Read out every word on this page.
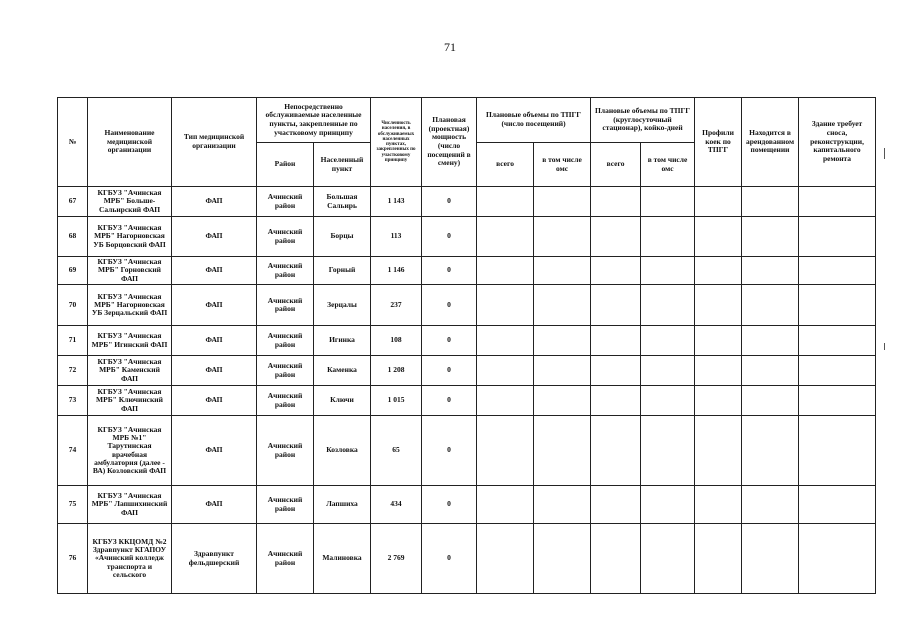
71
№	Наименование медицинской организации	Тип медицинской организации	Непосредственно обслуживаемые населенные пункты, закрепленные по участковому принципу		Численность населения, в обслуживаемых населенных пунктах, закрепленных по участковому принципу	Плановая (проектная) мощность (число посещений в смену)	Плановые объемы по ТПГГ (число посещений)		Плановые объемы по ТПГГ (круглосуточный стационар), койко-дней		Профили коек по ТПГГ	Находится в арендованном помещении	Здание требует сноса, реконструкции, капитального ремонта
			Район	Населенный пункт			всего	в том числе омс	всего	в том числе омс			
67	КГБУЗ "Ачинская МРБ" Больше-Сальирский ФАП	ФАП	Ачинский район	Большая Сальирь	1 143	0							
68	КГБУЗ "Ачинская МРБ" Нагорновская УБ Борцовский ФАП	ФАП	Ачинский район	Борцы	113	0							
69	КГБУЗ "Ачинская МРБ" Горновский ФАП	ФАП	Ачинский район	Горный	1 146	0							
70	КГБУЗ "Ачинская МРБ" Нагорновская УБ Зерцальский ФАП	ФАП	Ачинский район	Зерцалы	237	0							
71	КГБУЗ "Ачинская МРБ" Игинский ФАП	ФАП	Ачинский район	Игинка	108	0							
72	КГБУЗ "Ачинская МРБ" Каменский ФАП	ФАП	Ачинский район	Каменка	1 208	0							
73	КГБУЗ "Ачинская МРБ" Ключинский ФАП	ФАП	Ачинский район	Ключи	1 015	0							
74	КГБУЗ "Ачинская МРБ №1" Тарутинская врачебная амбулатория (далее - ВА) Козловский ФАП	ФАП	Ачинский район	Козловка	65	0							
75	КГБУЗ "Ачинская МРБ" Лапшихинский ФАП	ФАП	Ачинский район	Лапшиха	434	0							
76	КГБУЗ ККЦОМД №2 Здравпункт КГАПОУ «Ачинский колледж транспорта и сельского	Здравпункт фельдшерский	Ачинский район	Малиновка	2 769	0							
